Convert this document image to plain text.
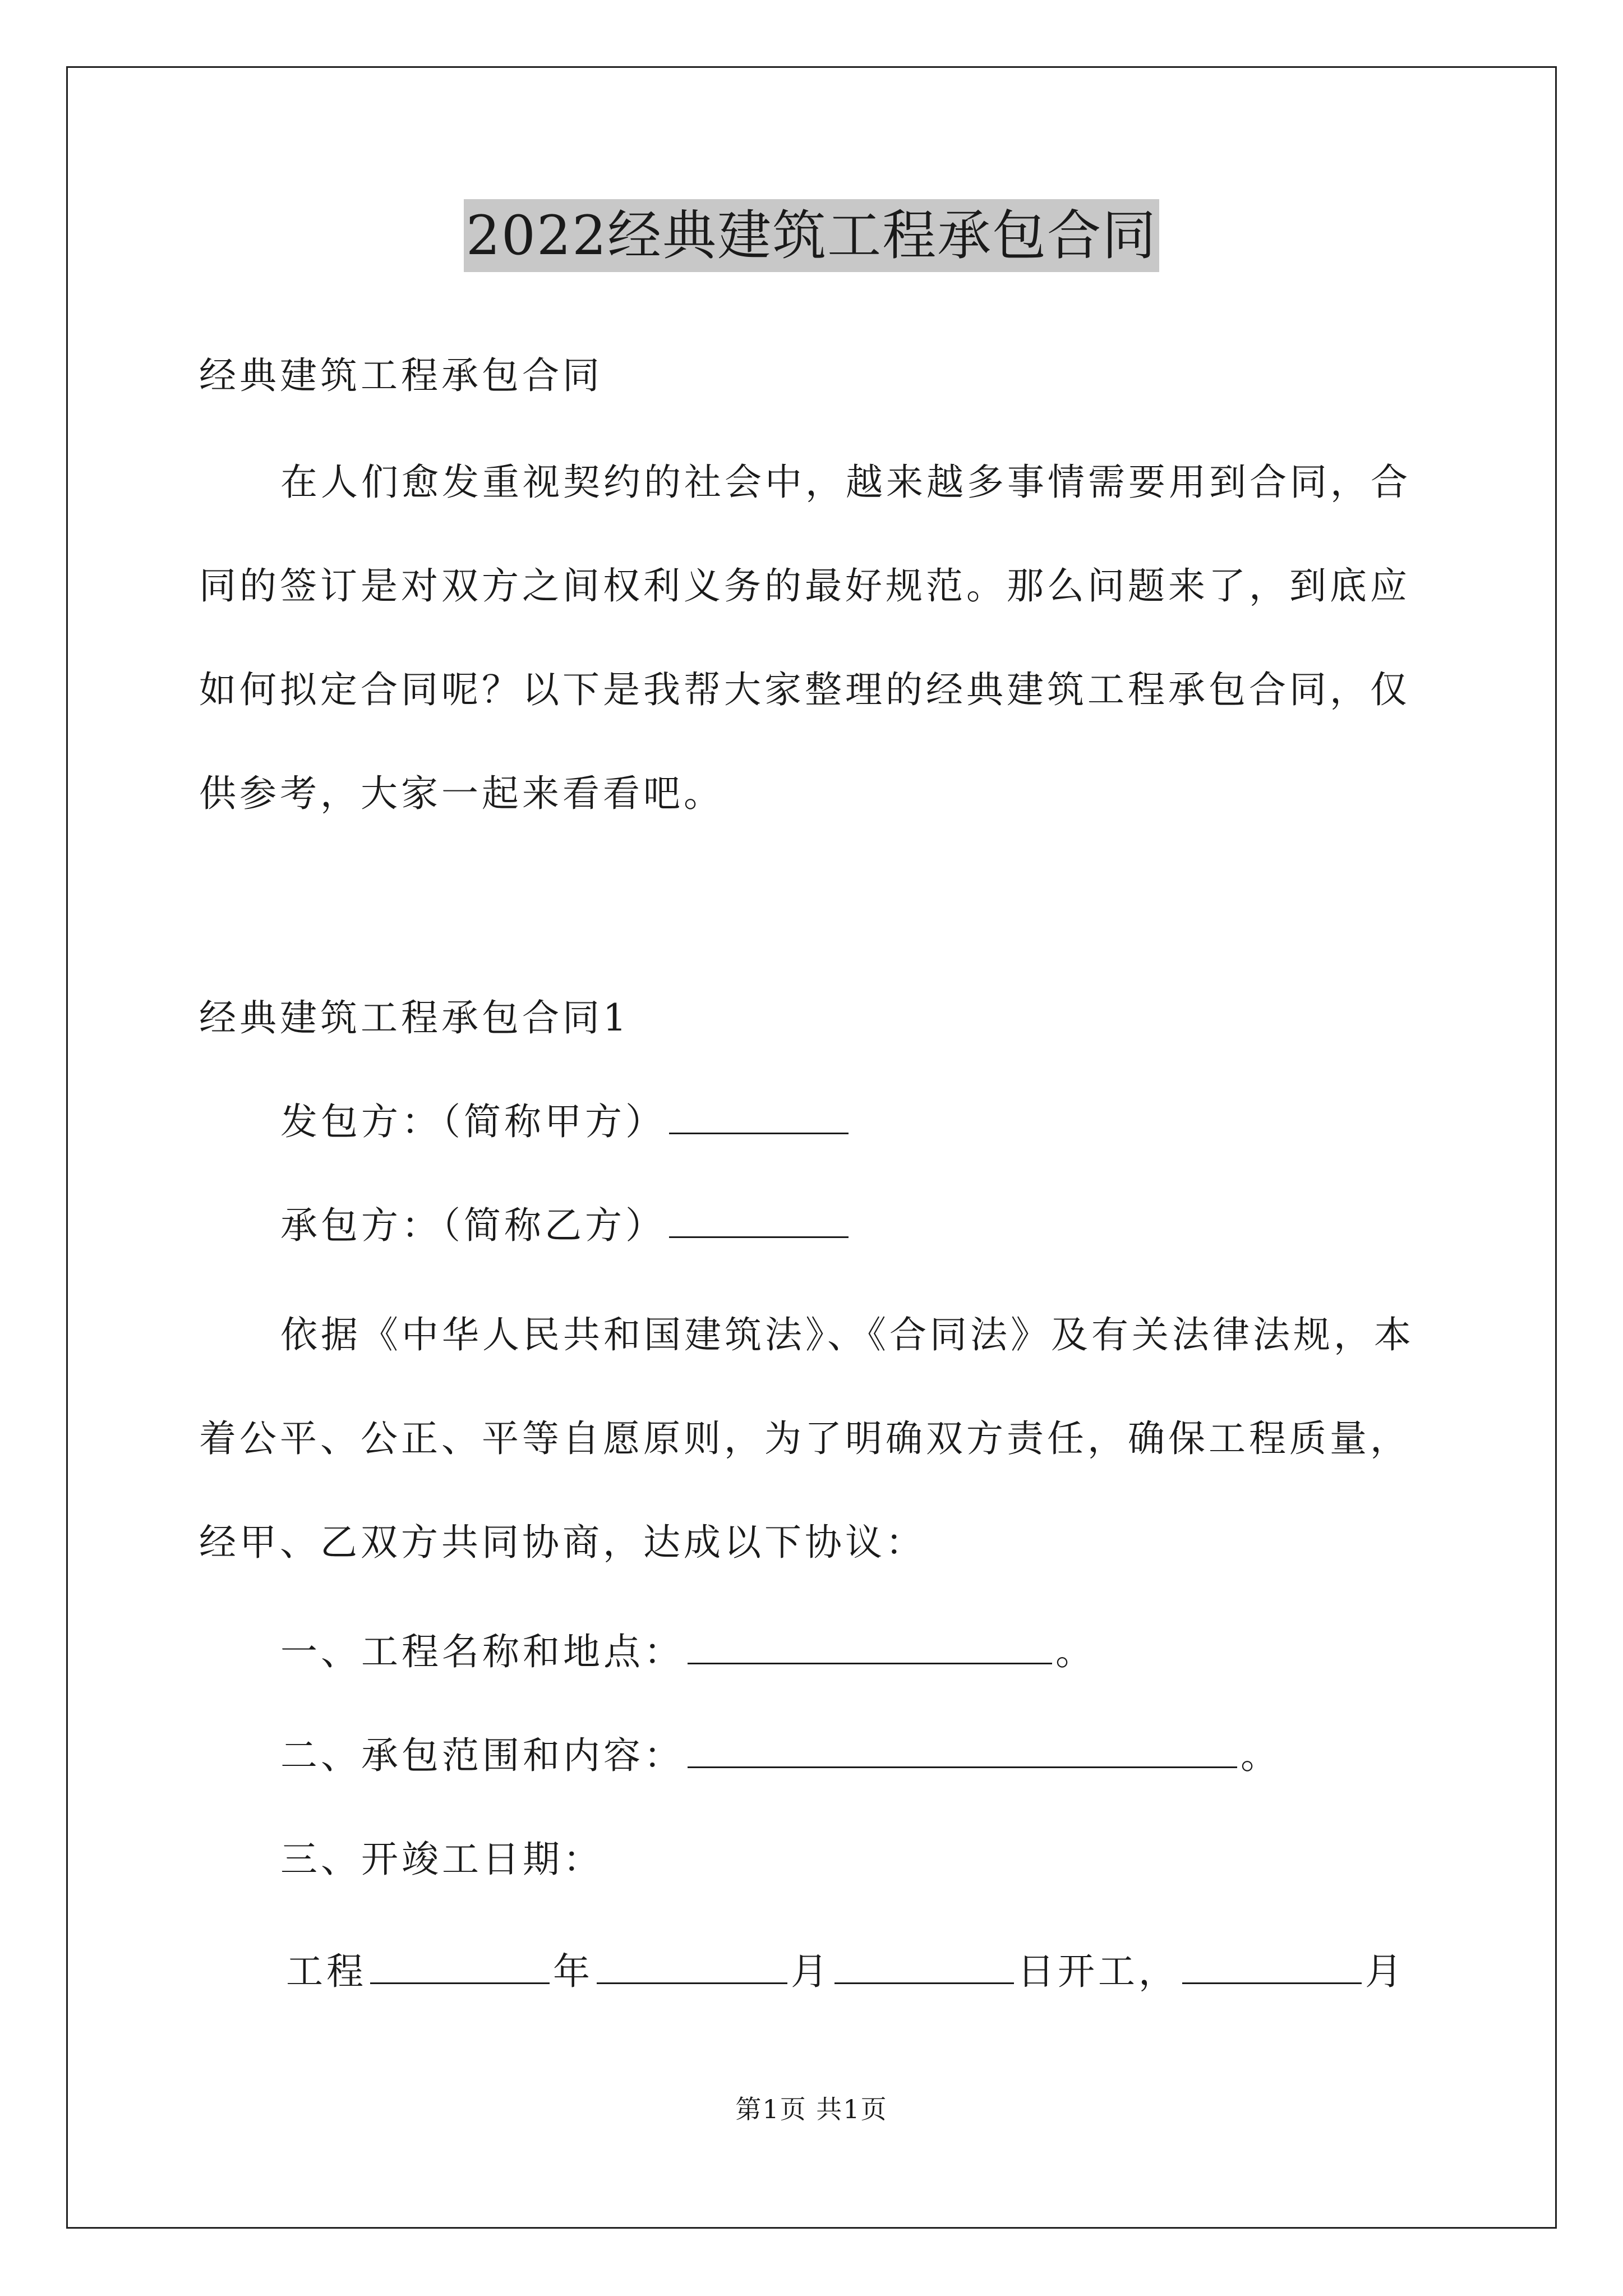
2022经典建筑工程承包合同
经典建筑工程承包合同
在人们愈发重视契约的社会中，越来越多事情需要用到合同，合
同的签订是对双方之间权利义务的最好规范。那么问题来了，到底应
如何拟定合同呢？以下是我帮大家整理的经典建筑工程承包合同，仅
供参考，大家一起来看看吧。
经典建筑工程承包合同1
发包方：（简称甲方）
承包方：（简称乙方）
依据《中华人民共和国建筑法》、《合同法》及有关法律法规，本
着公平、公正、平等自愿原则，为了明确双方责任，确保工程质量，
经甲、乙双方共同协商，达成以下协议：
一、工程名称和地点：	。
二、承包范围和内容：	。
三、开竣工日期：
工程	年	月	日开工，	月
第1页 共1页
